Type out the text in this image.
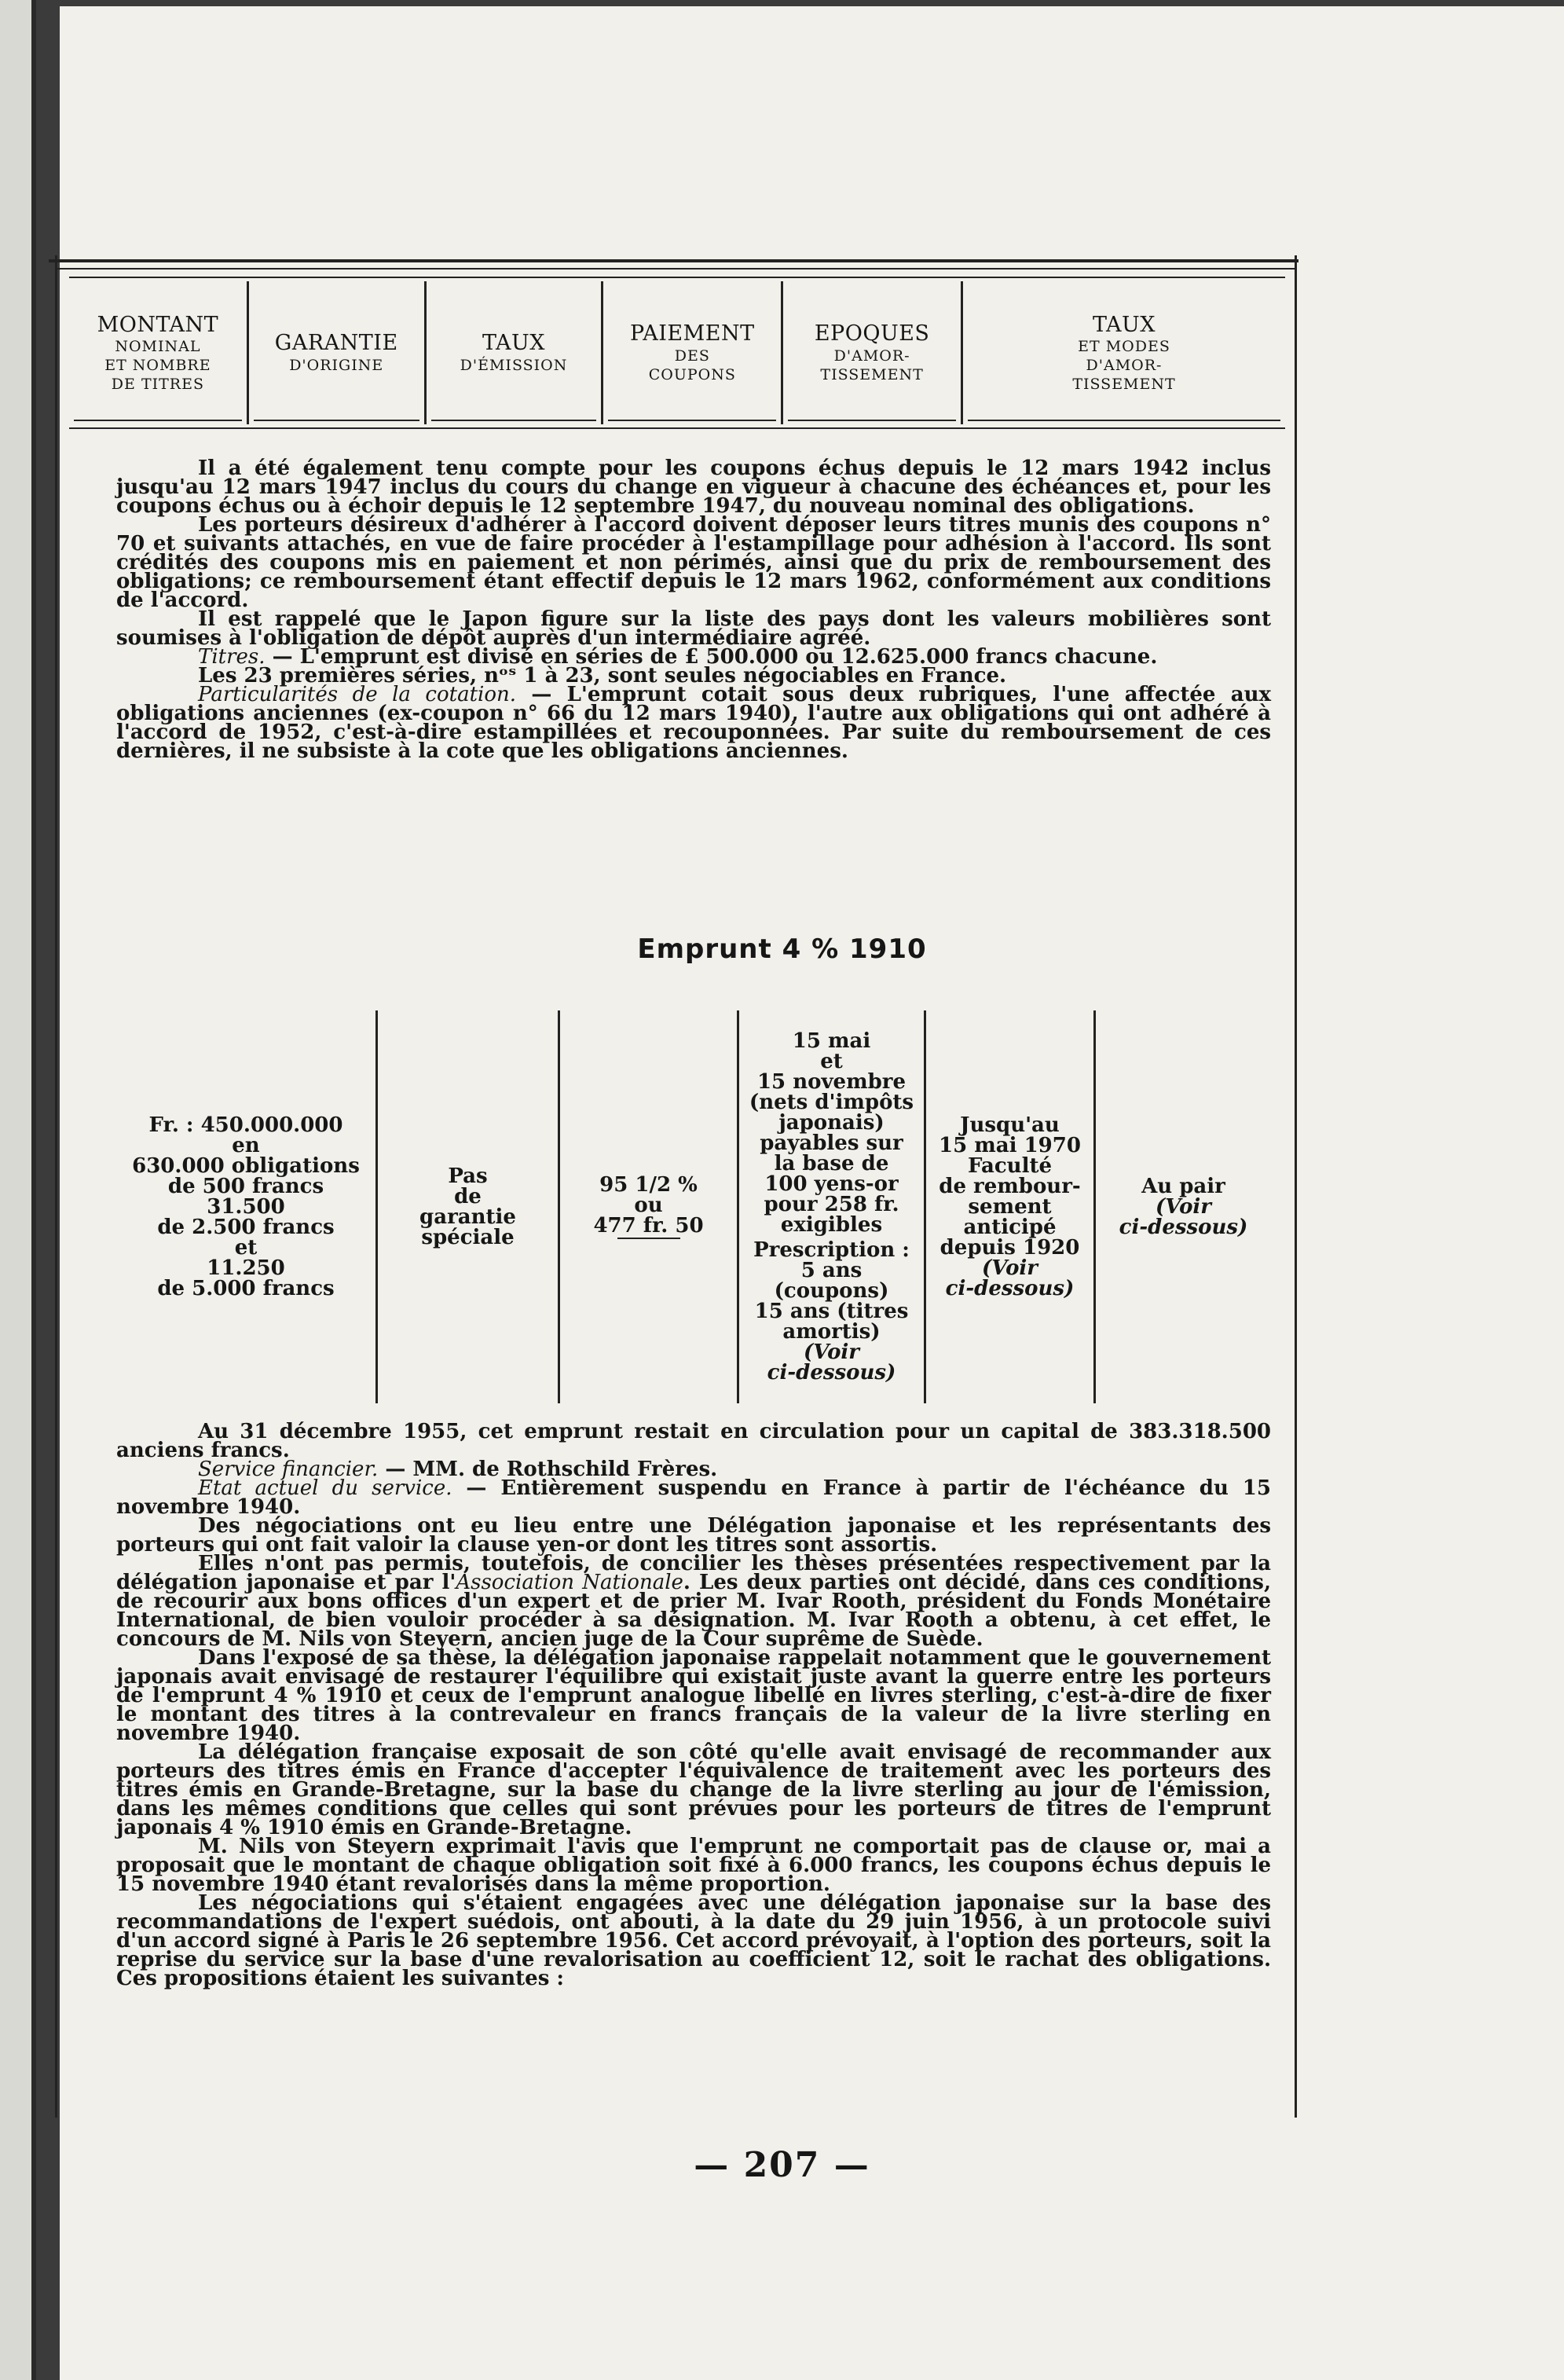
MONTANT
NOMINAL
ET NOMBRE
DE TITRES
GARANTIE
D'ORIGINE
TAUX
D'ÉMISSION
PAIEMENT
DES
COUPONS
EPOQUES
D'AMOR-
TISSEMENT
TAUX
ET MODES
D'AMOR-
TISSEMENT

Il a été également tenu compte pour les coupons échus depuis le 12 mars 1942 inclus jusqu'au 12 mars 1947 inclus du cours du change en vigueur à chacune des échéances et, pour les coupons échus ou à échoir depuis le 12 septembre 1947, du nouveau nominal des obligations.

Les porteurs désireux d'adhérer à l'accord doivent déposer leurs titres munis des coupons n° 70 et suivants attachés, en vue de faire procéder à l'estampillage pour adhésion à l'accord. Ils sont crédités des coupons mis en paiement et non périmés, ainsi que du prix de remboursement des obligations; ce remboursement étant effectif depuis le 12 mars 1962, conformément aux conditions de l'accord.

Il est rappelé que le Japon figure sur la liste des pays dont les valeurs mobilières sont soumises à l'obligation de dépôt auprès d'un intermédiaire agréé.

Titres. — L'emprunt est divisé en séries de £ 500.000 ou 12.625.000 francs chacune.

Les 23 premières séries, nᵒˢ 1 à 23, sont seules négociables en France.

Particularités de la cotation. — L'emprunt cotait sous deux rubriques, l'une affectée aux obligations anciennes (ex-coupon n° 66 du 12 mars 1940), l'autre aux obligations qui ont adhéré à l'accord de 1952, c'est-à-dire estampillées et recouponnées. Par suite du remboursement de ces dernières, il ne subsiste à la cote que les obligations anciennes.

Emprunt 4 % 1910
Fr. : 450.000.000
en
630.000 obligations
de 500 francs
31.500
de 2.500 francs
et
11.250
de 5.000 francs
Pas
de
garantie
spéciale
95 1/2 %
ou
477 fr. 50
15 mai
et
15 novembre
(nets d'impôts
japonais)
payables sur
la base de
100 yens-or
pour 258 fr.
exigibles
Prescription :
5 ans
(coupons)
15 ans (titres
amortis)
(Voir
ci-dessous)
Jusqu'au
15 mai 1970
Faculté
de rembour-
sement
anticipé
depuis 1920
(Voir
ci-dessous)
Au pair
(Voir
ci-dessous)

Au 31 décembre 1955, cet emprunt restait en circulation pour un capital de 383.318.500 anciens francs.

Service financier. — MM. de Rothschild Frères.

Etat actuel du service. — Entièrement suspendu en France à partir de l'échéance du 15 novembre 1940.

Des négociations ont eu lieu entre une Délégation japonaise et les représentants des porteurs qui ont fait valoir la clause yen-or dont les titres sont assortis.

Elles n'ont pas permis, toutefois, de concilier les thèses présentées respectivement par la délégation japonaise et par l'Association Nationale. Les deux parties ont décidé, dans ces conditions, de recourir aux bons offices d'un expert et de prier M. Ivar Rooth, président du Fonds Monétaire International, de bien vouloir procéder à sa désignation. M. Ivar Rooth a obtenu, à cet effet, le concours de M. Nils von Steyern, ancien juge de la Cour suprême de Suède.

Dans l'exposé de sa thèse, la délégation japonaise rappelait notamment que le gouvernement japonais avait envisagé de restaurer l'équilibre qui existait juste avant la guerre entre les porteurs de l'emprunt 4 % 1910 et ceux de l'emprunt analogue libellé en livres sterling, c'est-à-dire de fixer le montant des titres à la contrevaleur en francs français de la valeur de la livre sterling en novembre 1940.

La délégation française exposait de son côté qu'elle avait envisagé de recommander aux porteurs des titres émis en France d'accepter l'équivalence de traitement avec les porteurs des titres émis en Grande-Bretagne, sur la base du change de la livre sterling au jour de l'émission, dans les mêmes conditions que celles qui sont prévues pour les porteurs de titres de l'emprunt japonais 4 % 1910 émis en Grande-Bretagne.

M. Nils von Steyern exprimait l'avis que l'emprunt ne comportait pas de clause or, mai a proposait que le montant de chaque obligation soit fixé à 6.000 francs, les coupons échus depuis le 15 novembre 1940 étant revalorisés dans la même proportion.

Les négociations qui s'étaient engagées avec une délégation japonaise sur la base des recommandations de l'expert suédois, ont abouti, à la date du 29 juin 1956, à un protocole suivi d'un accord signé à Paris le 26 septembre 1956. Cet accord prévoyait, à l'option des porteurs, soit la reprise du service sur la base d'une revalorisation au coefficient 12, soit le rachat des obligations. Ces propositions étaient les suivantes :

— 207 —
